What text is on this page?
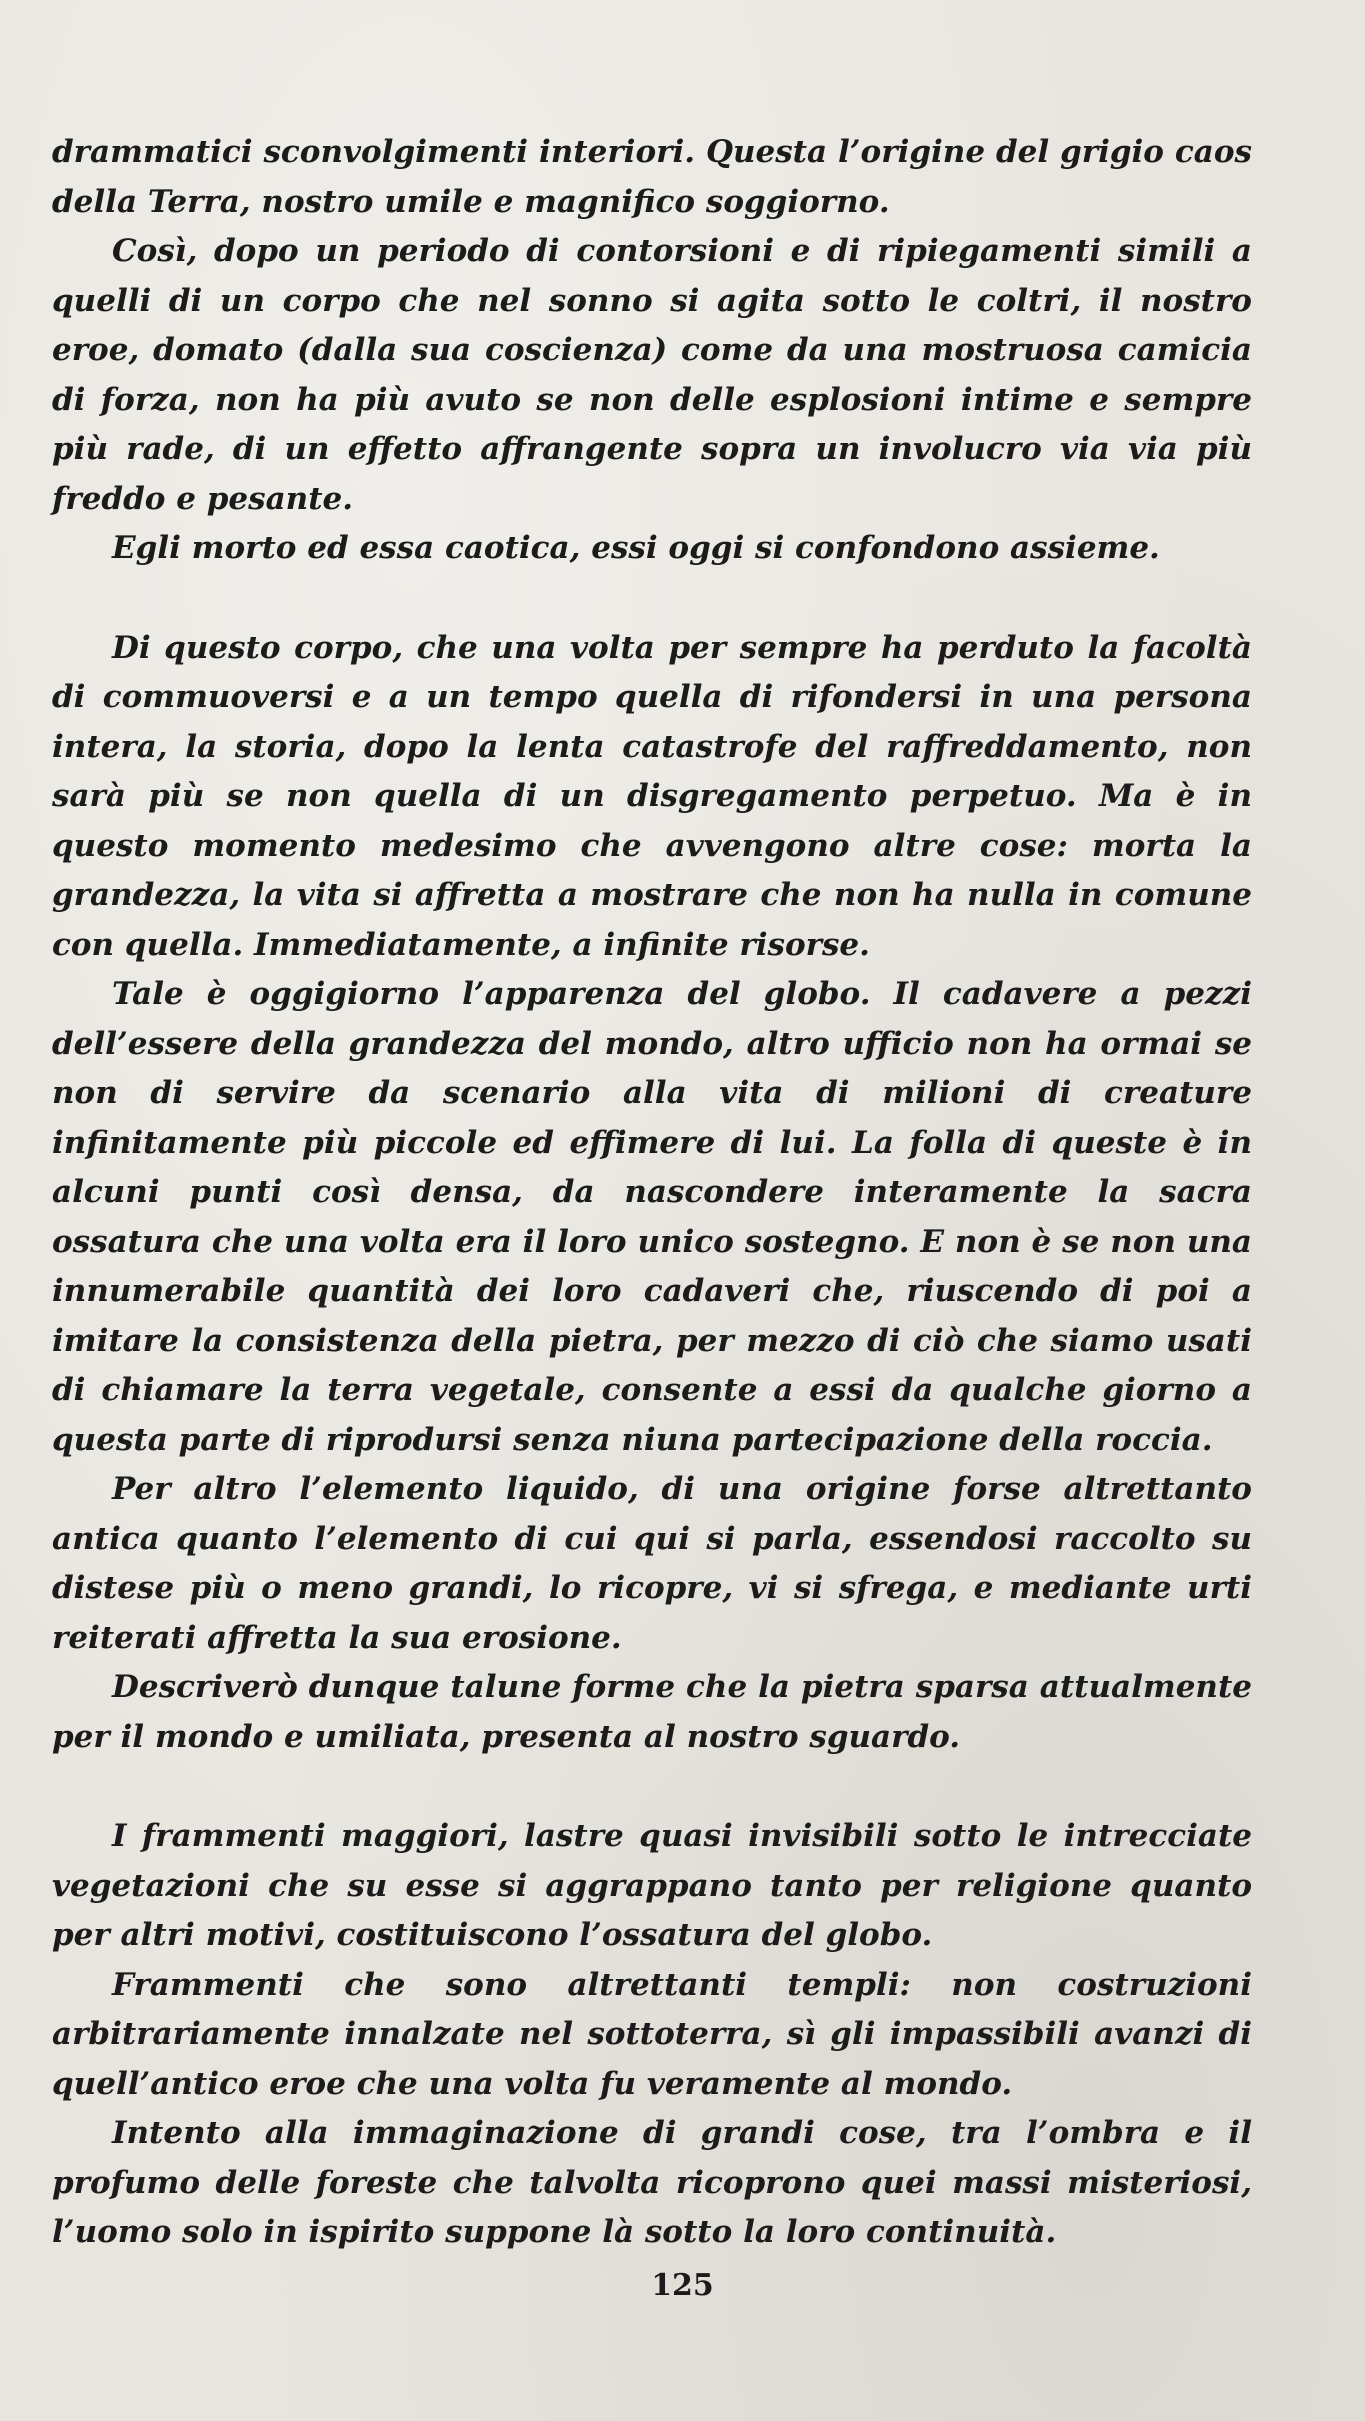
drammatici sconvolgimenti interiori. Questa l’origine del grigio caos della Terra, nostro umile e magnifico soggiorno.

Così, dopo un periodo di contorsioni e di ripiegamenti simili a quelli di un corpo che nel sonno si agita sotto le coltri, il nostro eroe, domato (dalla sua coscienza) come da una mostruosa camicia di forza, non ha più avuto se non delle esplosioni intime e sempre più rade, di un effetto affrangente sopra un involucro via via più freddo e pesante.

Egli morto ed essa caotica, essi oggi si confondono assieme.

Di questo corpo, che una volta per sempre ha perduto la facoltà di commuoversi e a un tempo quella di rifondersi in una persona intera, la storia, dopo la lenta catastrofe del raffreddamento, non sarà più se non quella di un disgregamento perpetuo. Ma è in questo momento medesimo che avvengono altre cose: morta la grandezza, la vita si affretta a mostrare che non ha nulla in comune con quella. Immediatamente, a infinite risorse.

Tale è oggigiorno l’apparenza del globo. Il cadavere a pezzi dell’essere della grandezza del mondo, altro ufficio non ha ormai se non di servire da scenario alla vita di milioni di creature infinitamente più piccole ed effimere di lui. La folla di queste è in alcuni punti così densa, da nascondere interamente la sacra ossatura che una volta era il loro unico sostegno. E non è se non una innumerabile quantità dei loro cadaveri che, riuscendo di poi a imitare la consistenza della pietra, per mezzo di ciò che siamo usati di chiamare la terra vegetale, consente a essi da qualche giorno a questa parte di riprodursi senza niuna partecipazione della roccia.

Per altro l’elemento liquido, di una origine forse altrettanto antica quanto l’elemento di cui qui si parla, essendosi raccolto su distese più o meno grandi, lo ricopre, vi si sfrega, e mediante urti reiterati affretta la sua erosione.

Descriverò dunque talune forme che la pietra sparsa attualmente per il mondo e umiliata, presenta al nostro sguardo.

I frammenti maggiori, lastre quasi invisibili sotto le intrecciate vegetazioni che su esse si aggrappano tanto per religione quanto per altri motivi, costituiscono l’ossatura del globo.

Frammenti che sono altrettanti templi: non costruzioni arbitrariamente innalzate nel sottoterra, sì gli impassibili avanzi di quell’antico eroe che una volta fu veramente al mondo.

Intento alla immaginazione di grandi cose, tra l’ombra e il profumo delle foreste che talvolta ricoprono quei massi misteriosi, l’uomo solo in ispirito suppone là sotto la loro continuità.

125
